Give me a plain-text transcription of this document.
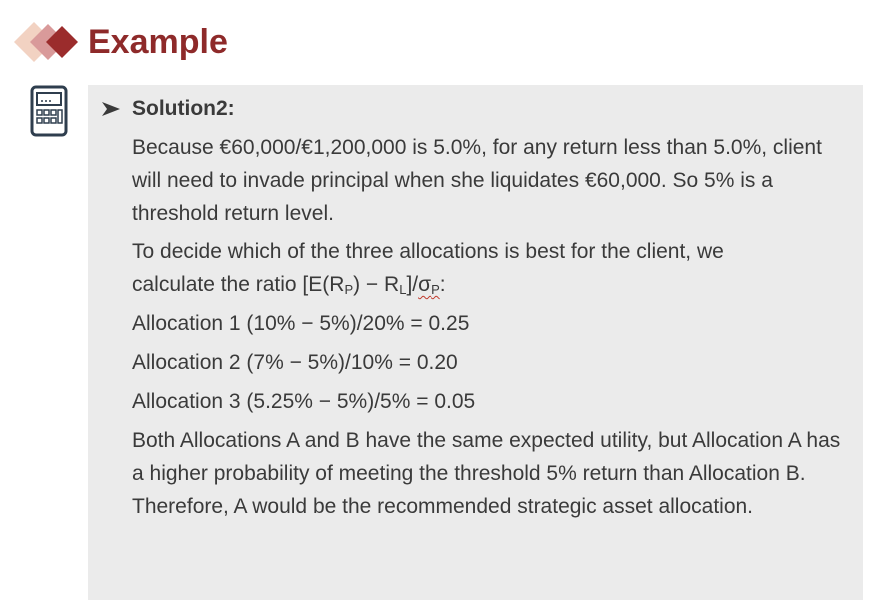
Example
Solution2:
Because €60,000/€1,200,000 is 5.0%, for any return less than 5.0%, client will need to invade principal when she liquidates €60,000. So 5% is a threshold return level.
To decide which of the three allocations is best for the client, we
calculate the ratio $[E(R_P) - R_L]/\sigma_P$:
Allocation 1 (10% − 5%)/20% = 0.25
Allocation 2 (7% − 5%)/10% = 0.20
Allocation 3 (5.25% − 5%)/5% = 0.05
Both Allocations A and B have the same expected utility, but Allocation A has a higher probability of meeting the threshold 5% return than Allocation B. Therefore, A would be the recommended strategic asset allocation.
